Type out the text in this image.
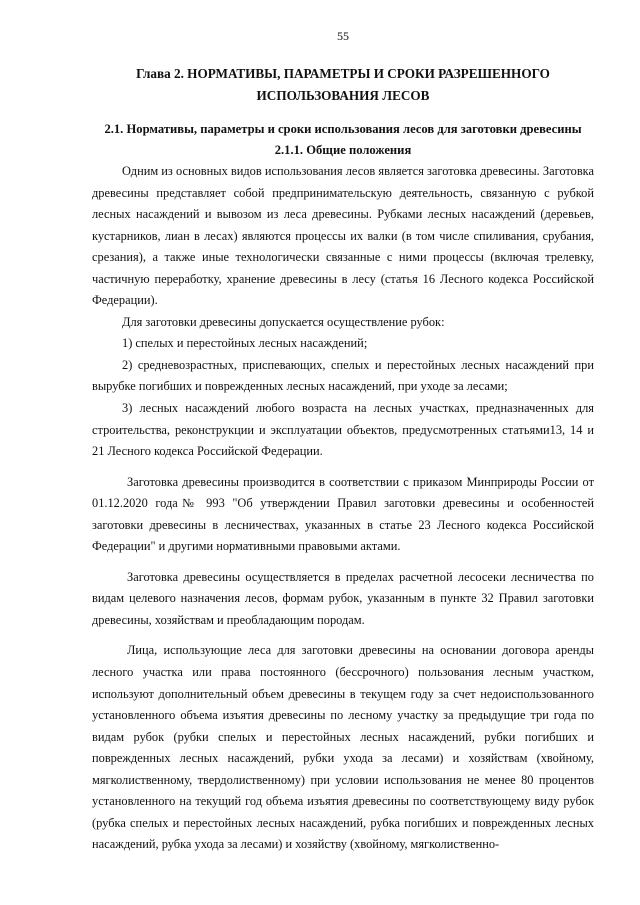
55
Глава 2. НОРМАТИВЫ, ПАРАМЕТРЫ И СРОКИ РАЗРЕШЕННОГО ИСПОЛЬЗОВАНИЯ ЛЕСОВ
2.1. Нормативы, параметры и сроки использования лесов для заготовки древесины
2.1.1. Общие положения

Одним из основных видов использования лесов является заготовка древесины. Заготовка древесины представляет собой предпринимательскую деятельность, связанную с рубкой лесных насаждений и вывозом из леса древесины. Рубками лесных насаждений (деревьев, кустарников, лиан в лесах) являются процессы их валки (в том числе спиливания, срубания, срезания), а также иные технологически связанные с ними процессы (включая трелевку, частичную переработку, хранение древесины в лесу (статья 16 Лесного кодекса Российской Федерации).

Для заготовки древесины допускается осуществление рубок:

1) спелых и перестойных лесных насаждений;

2) средневозрастных, приспевающих, спелых и перестойных лесных насаждений при вырубке погибших и поврежденных лесных насаждений, при уходе за лесами;

3) лесных насаждений любого возраста на лесных участках, предназначенных для строительства, реконструкции и эксплуатации объектов, предусмотренных статьями13, 14 и 21 Лесного кодекса Российской Федерации.

Заготовка древесины производится в соответствии с приказом Минприроды России от 01.12.2020 года№ 993 "Об утверждении Правил заготовки древесины и особенностей заготовки древесины в лесничествах, указанных в статье 23 Лесного кодекса Российской Федерации" и другими нормативными правовыми актами.

Заготовка древесины осуществляется в пределах расчетной лесосеки лесничества по видам целевого назначения лесов, формам рубок, указанным в пункте 32 Правил заготовки древесины, хозяйствам и преобладающим породам.

Лица, использующие леса для заготовки древесины на основании договора аренды лесного участка или права постоянного (бессрочного) пользования лесным участком, используют дополнительный объем древесины в текущем году за счет недоиспользованного установленного объема изъятия древесины по лесному участку за предыдущие три года по видам рубок (рубки спелых и перестойных лесных насаждений, рубки погибших и поврежденных лесных насаждений, рубки ухода за лесами) и хозяйствам (хвойному, мягколиственному, твердолиственному) при условии использования не менее 80 процентов установленного на текущий год объема изъятия древесины по соответствующему виду рубок (рубка спелых и перестойных лесных насаждений, рубка погибших и поврежденных лесных насаждений, рубка ухода за лесами) и хозяйству (хвойному, мягколиственно-
